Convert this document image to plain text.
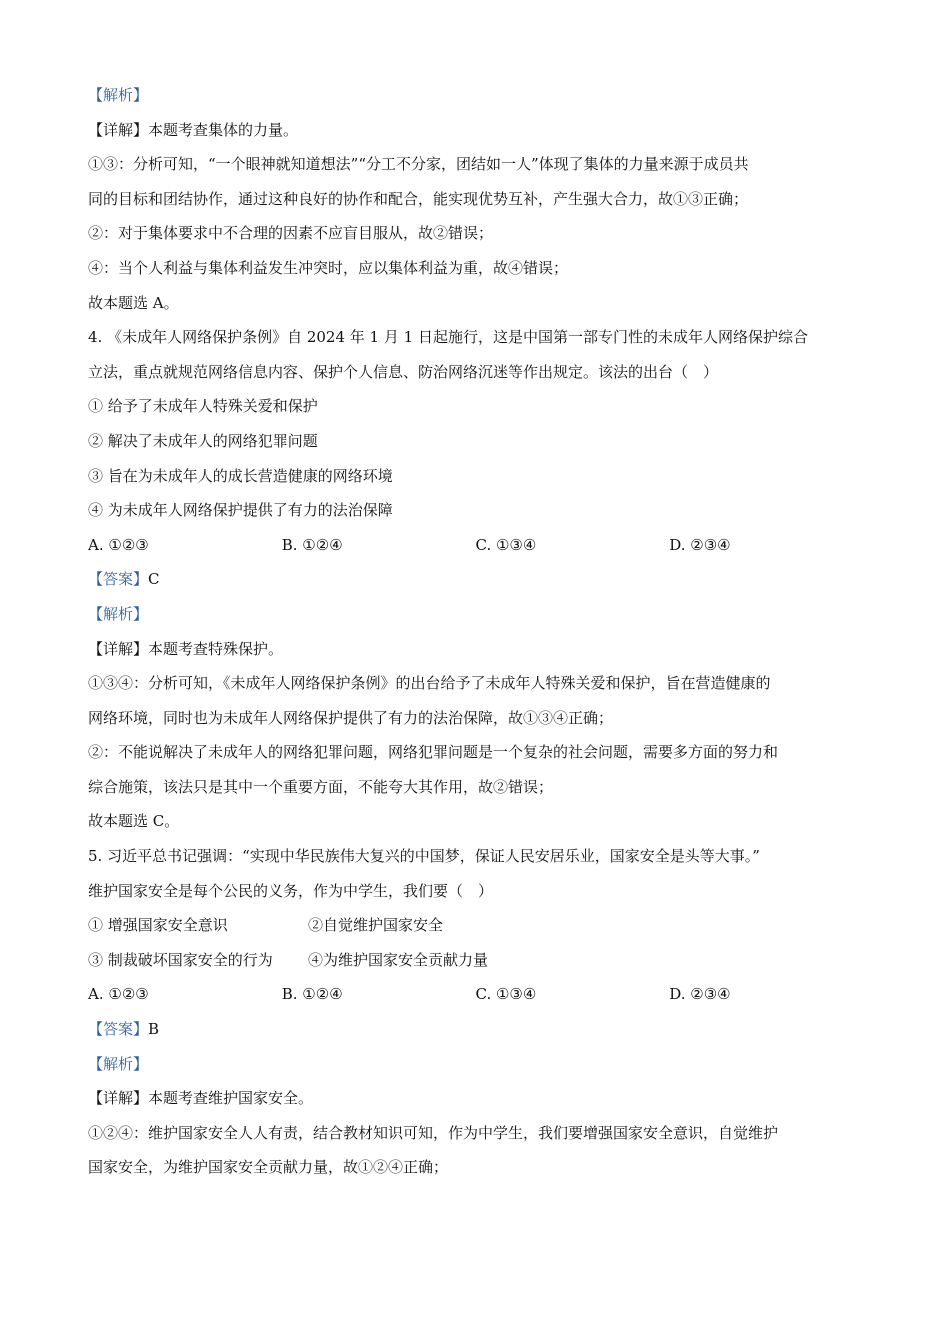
【解析】
【详解】本题考查集体的力量。
①③：分析可知，“一个眼神就知道想法”“分工不分家，团结如一人”体现了集体的力量来源于成员共
同的目标和团结协作，通过这种良好的协作和配合，能实现优势互补，产生强大合力，故①③正确；
②：对于集体要求中不合理的因素不应盲目服从，故②错误；
④：当个人利益与集体利益发生冲突时，应以集体利益为重，故④错误；
故本题选 A。
4. 《未成年人网络保护条例》自 2024 年 1 月 1 日起施行，这是中国第一部专门性的未成年人网络保护综合
立法，重点就规范网络信息内容、保护个人信息、防治网络沉迷等作出规定。该法的出台（　）
① 给予了未成年人特殊关爱和保护
② 解决了未成年人的网络犯罪问题
③ 旨在为未成年人的成长营造健康的网络环境
④ 为未成年人网络保护提供了有力的法治保障
A. ①②③	B. ①②④	C. ①③④	D. ②③④
【答案】C
【解析】
【详解】本题考查特殊保护。
①③④：分析可知，《未成年人网络保护条例》的出台给予了未成年人特殊关爱和保护，旨在营造健康的
网络环境，同时也为未成年人网络保护提供了有力的法治保障，故①③④正确；
②：不能说解决了未成年人的网络犯罪问题，网络犯罪问题是一个复杂的社会问题，需要多方面的努力和
综合施策，该法只是其中一个重要方面，不能夸大其作用，故②错误；
故本题选 C。
5. 习近平总书记强调：“实现中华民族伟大复兴的中国梦，保证人民安居乐业，国家安全是头等大事。”
维护国家安全是每个公民的义务，作为中学生，我们要（　）
① 增强国家安全意识	②自觉维护国家安全
③ 制裁破坏国家安全的行为	④为维护国家安全贡献力量
A. ①②③	B. ①②④	C. ①③④	D. ②③④
【答案】B
【解析】
【详解】本题考查维护国家安全。
①②④：维护国家安全人人有责，结合教材知识可知，作为中学生，我们要增强国家安全意识，自觉维护
国家安全，为维护国家安全贡献力量，故①②④正确；
